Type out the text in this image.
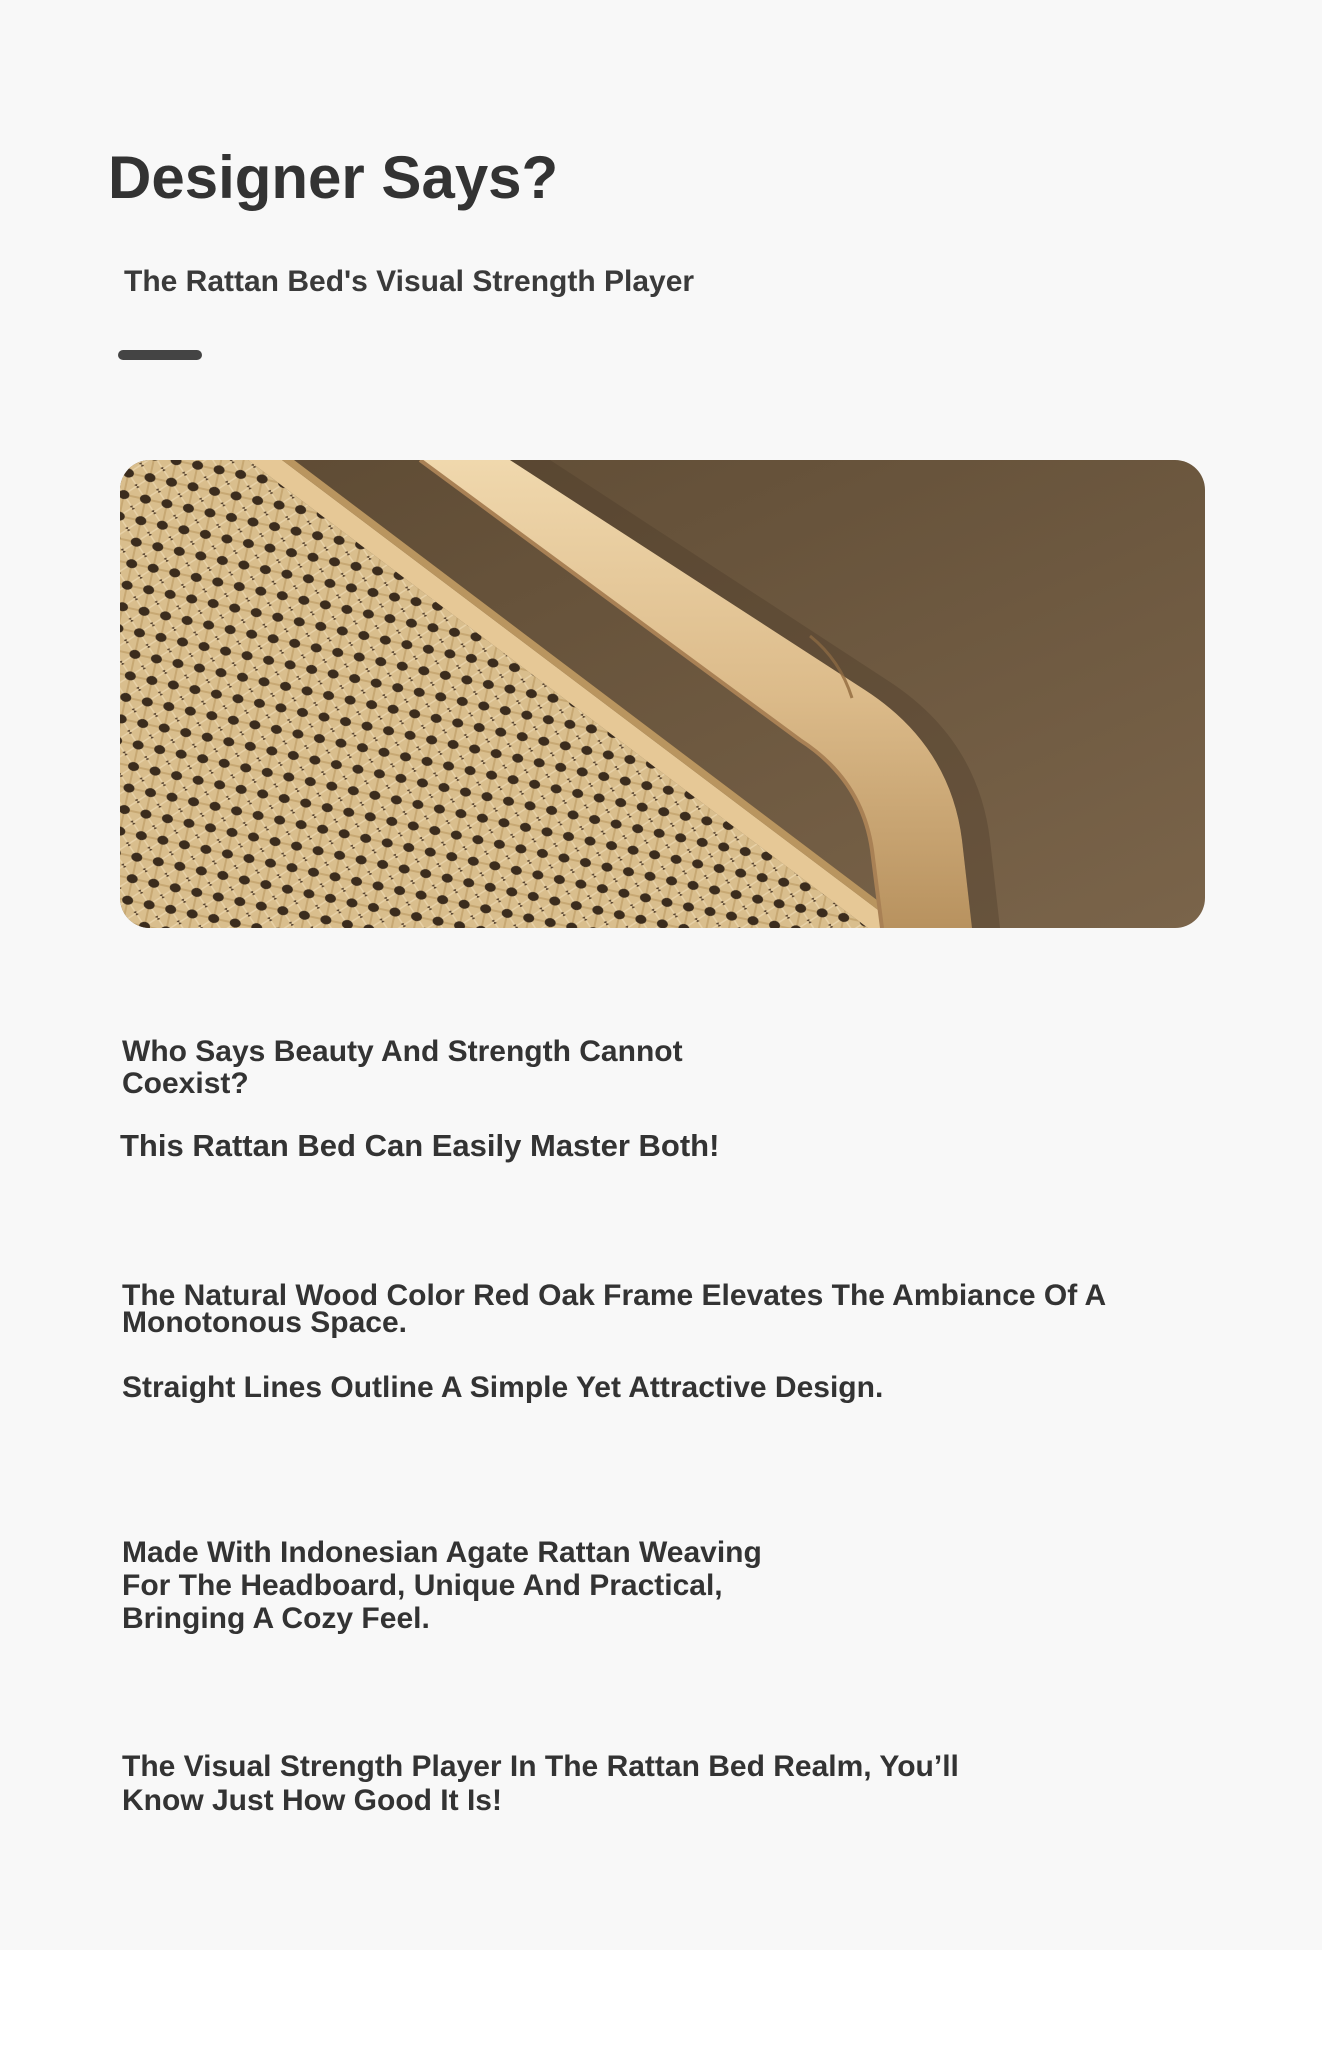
Designer Says?
The Rattan Bed's Visual Strength Player

Who Says Beauty And Strength Cannot
Coexist?

This Rattan Bed Can Easily Master Both!

The Natural Wood Color Red Oak Frame Elevates The Ambiance Of A
Monotonous Space.

Straight Lines Outline A Simple Yet Attractive Design.

Made With Indonesian Agate Rattan Weaving
For The Headboard, Unique And Practical,
Bringing A Cozy Feel.

The Visual Strength Player In The Rattan Bed Realm, You’ll
Know Just How Good It Is!
